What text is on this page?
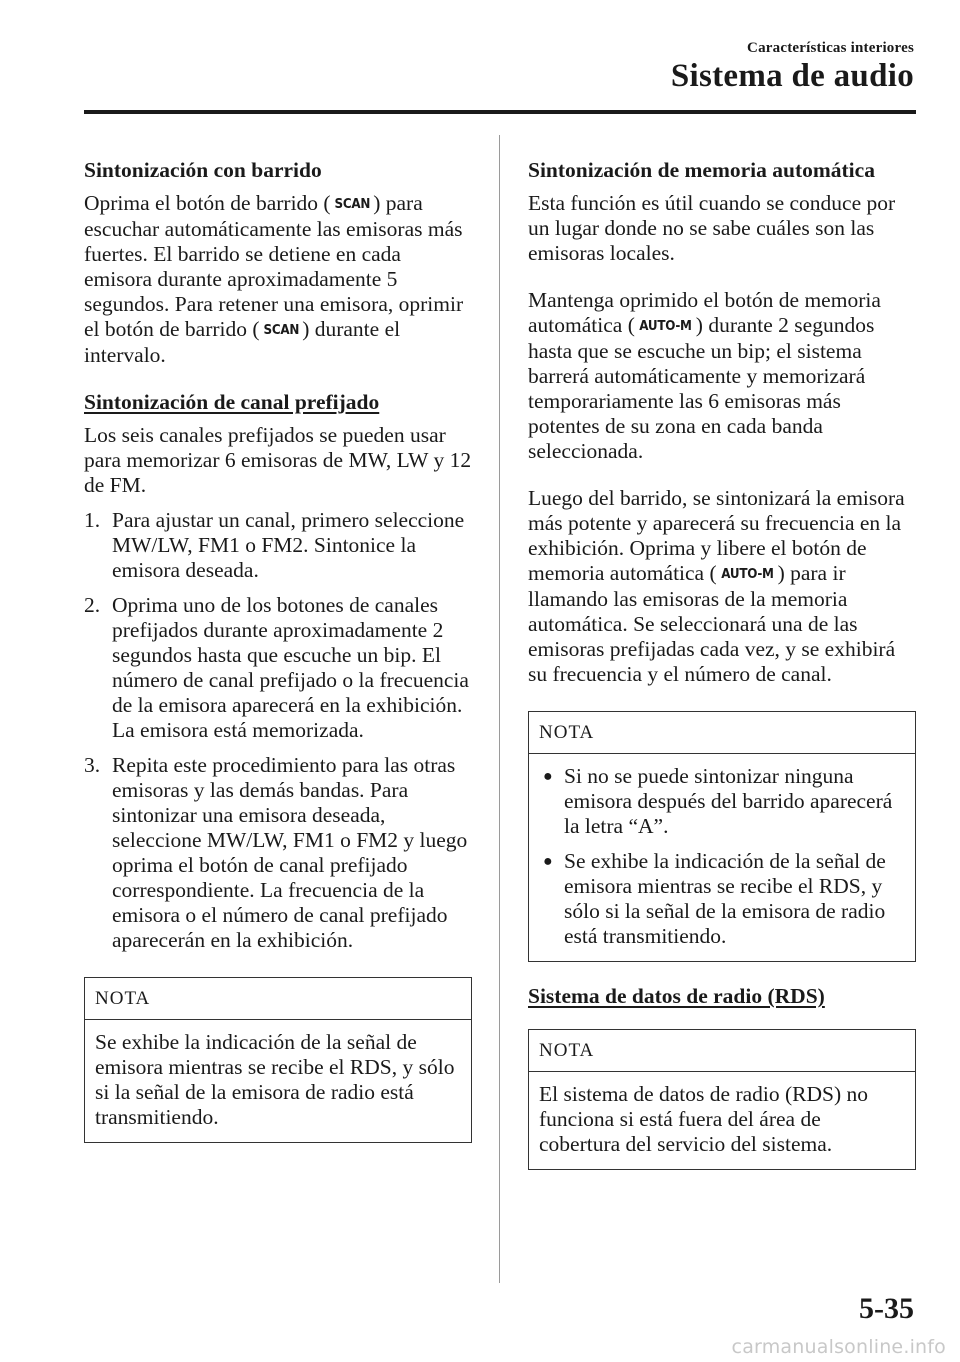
Características interiores
Sistema de audio
Sintonización con barrido

Oprima el botón de barrido ( SCAN ) para escuchar automáticamente las emisoras más fuertes. El barrido se detiene en cada emisora durante aproximadamente 5 segundos. Para retener una emisora, oprimir el botón de barrido ( SCAN ) durante el intervalo.

Sintonización de canal prefijado

Los seis canales prefijados se pueden usar para memorizar 6 emisoras de MW, LW y 12 de FM.

1. Para ajustar un canal, primero seleccione MW/LW, FM1 o FM2. Sintonice la emisora deseada.
2. Oprima uno de los botones de canales prefijados durante aproximadamente 2 segundos hasta que escuche un bip. El número de canal prefijado o la frecuencia de la emisora aparecerá en la exhibición. La emisora está memorizada.
3. Repita este procedimiento para las otras emisoras y las demás bandas. Para sintonizar una emisora deseada, seleccione MW/LW, FM1 o FM2 y luego oprima el botón de canal prefijado correspondiente. La frecuencia de la emisora o el número de canal prefijado aparecerán en la exhibición.
NOTA
Se exhibe la indicación de la señal de emisora mientras se recibe el RDS, y sólo si la señal de la emisora de radio está transmitiendo.
Sintonización de memoria automática

Esta función es útil cuando se conduce por un lugar donde no se sabe cuáles son las emisoras locales.

Mantenga oprimido el botón de memoria automática ( AUTO-M ) durante 2 segundos hasta que se escuche un bip; el sistema barrerá automáticamente y memorizará temporariamente las 6 emisoras más potentes de su zona en cada banda seleccionada.

Luego del barrido, se sintonizará la emisora más potente y aparecerá su frecuencia en la exhibición. Oprima y libere el botón de memoria automática ( AUTO-M ) para ir llamando las emisoras de la memoria automática. Se seleccionará una de las emisoras prefijadas cada vez, y se exhibirá su frecuencia y el número de canal.

NOTA
● Si no se puede sintonizar ninguna emisora después del barrido aparecerá la letra “A”.
● Se exhibe la indicación de la señal de emisora mientras se recibe el RDS, y sólo si la señal de la emisora de radio está transmitiendo.
Sistema de datos de radio (RDS)
NOTA
El sistema de datos de radio (RDS) no funciona si está fuera del área de cobertura del servicio del sistema.
5-35
carmanualsonline.info
